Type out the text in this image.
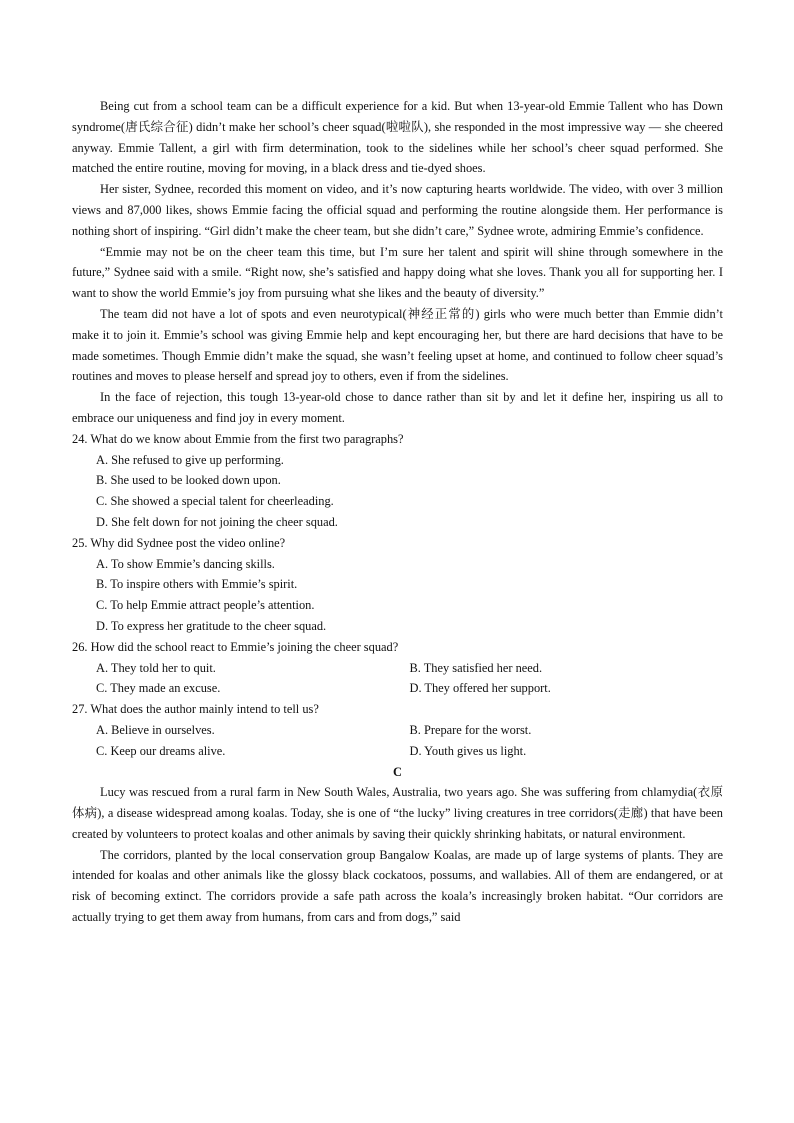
Being cut from a school team can be a difficult experience for a kid. But when 13-year-old Emmie Tallent who has Down syndrome(唐氏综合征) didn’t make her school’s cheer squad(啦啦队), she responded in the most impressive way — she cheered anyway. Emmie Tallent, a girl with firm determination, took to the sidelines while her school’s cheer squad performed. She matched the entire routine, moving for moving, in a black dress and tie-dyed shoes.

Her sister, Sydnee, recorded this moment on video, and it’s now capturing hearts worldwide. The video, with over 3 million views and 87,000 likes, shows Emmie facing the official squad and performing the routine alongside them. Her performance is nothing short of inspiring. “Girl didn’t make the cheer team, but she didn’t care,” Sydnee wrote, admiring Emmie’s confidence.

“Emmie may not be on the cheer team this time, but I’m sure her talent and spirit will shine through somewhere in the future,” Sydnee said with a smile. “Right now, she’s satisfied and happy doing what she loves. Thank you all for supporting her. I want to show the world Emmie’s joy from pursuing what she likes and the beauty of diversity.”

The team did not have a lot of spots and even neurotypical(神经正常的) girls who were much better than Emmie didn’t make it to join it. Emmie’s school was giving Emmie help and kept encouraging her, but there are hard decisions that have to be made sometimes. Though Emmie didn’t make the squad, she wasn’t feeling upset at home, and continued to follow cheer squad’s routines and moves to please herself and spread joy to others, even if from the sidelines.

In the face of rejection, this tough 13-year-old chose to dance rather than sit by and let it define her, inspiring us all to embrace our uniqueness and find joy in every moment.

24. What do we know about Emmie from the first two paragraphs?

A. She refused to give up performing.

B. She used to be looked down upon.

C. She showed a special talent for cheerleading.

D. She felt down for not joining the cheer squad.

25. Why did Sydnee post the video online?

A. To show Emmie’s dancing skills.

B. To inspire others with Emmie’s spirit.

C. To help Emmie attract people’s attention.

D. To express her gratitude to the cheer squad.

26. How did the school react to Emmie’s joining the cheer squad?

A. They told her to quit.	B. They satisfied her need.
C. They made an excuse.	D. They offered her support.

27. What does the author mainly intend to tell us?

A. Believe in ourselves.	B. Prepare for the worst.
C. Keep our dreams alive.	D. Youth gives us light.

C

Lucy was rescued from a rural farm in New South Wales, Australia, two years ago. She was suffering from chlamydia(衣原体病), a disease widespread among koalas. Today, she is one of “the lucky” living creatures in tree corridors(走廊) that have been created by volunteers to protect koalas and other animals by saving their quickly shrinking habitats, or natural environment.

The corridors, planted by the local conservation group Bangalow Koalas, are made up of large systems of plants. They are intended for koalas and other animals like the glossy black cockatoos, possums, and wallabies. All of them are endangered, or at risk of becoming extinct. The corridors provide a safe path across the koala’s increasingly broken habitat. “Our corridors are actually trying to get them away from humans, from cars and from dogs,” said
